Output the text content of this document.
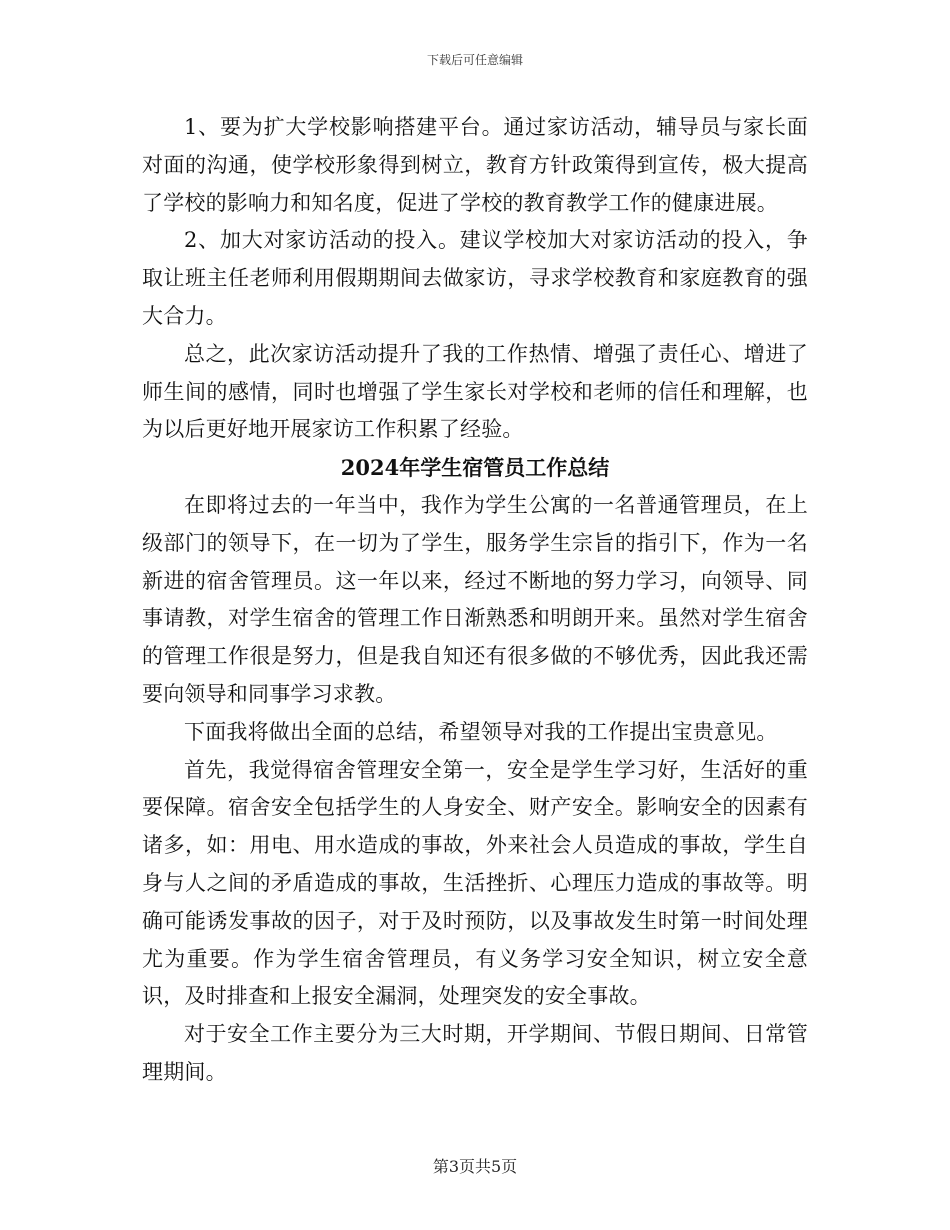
下载后可任意编辑

1、要为扩大学校影响搭建平台。通过家访活动，辅导员与家长面对面的沟通，使学校形象得到树立，教育方针政策得到宣传，极大提高了学校的影响力和知名度，促进了学校的教育教学工作的健康进展。

2、加大对家访活动的投入。建议学校加大对家访活动的投入，争取让班主任老师利用假期期间去做家访，寻求学校教育和家庭教育的强大合力。

总之，此次家访活动提升了我的工作热情、增强了责任心、增进了师生间的感情，同时也增强了学生家长对学校和老师的信任和理解，也为以后更好地开展家访工作积累了经验。

2024年学生宿管员工作总结

在即将过去的一年当中，我作为学生公寓的一名普通管理员，在上级部门的领导下，在一切为了学生，服务学生宗旨的指引下，作为一名新进的宿舍管理员。这一年以来，经过不断地的努力学习，向领导、同事请教，对学生宿舍的管理工作日渐熟悉和明朗开来。虽然对学生宿舍的管理工作很是努力，但是我自知还有很多做的不够优秀，因此我还需要向领导和同事学习求教。

下面我将做出全面的总结，希望领导对我的工作提出宝贵意见。

首先，我觉得宿舍管理安全第一，安全是学生学习好，生活好的重要保障。宿舍安全包括学生的人身安全、财产安全。影响安全的因素有诸多，如：用电、用水造成的事故，外来社会人员造成的事故，学生自身与人之间的矛盾造成的事故，生活挫折、心理压力造成的事故等。明确可能诱发事故的因子，对于及时预防，以及事故发生时第一时间处理尤为重要。作为学生宿舍管理员，有义务学习安全知识，树立安全意识，及时排查和上报安全漏洞，处理突发的安全事故。

对于安全工作主要分为三大时期，开学期间、节假日期间、日常管理期间。

第3页共5页
